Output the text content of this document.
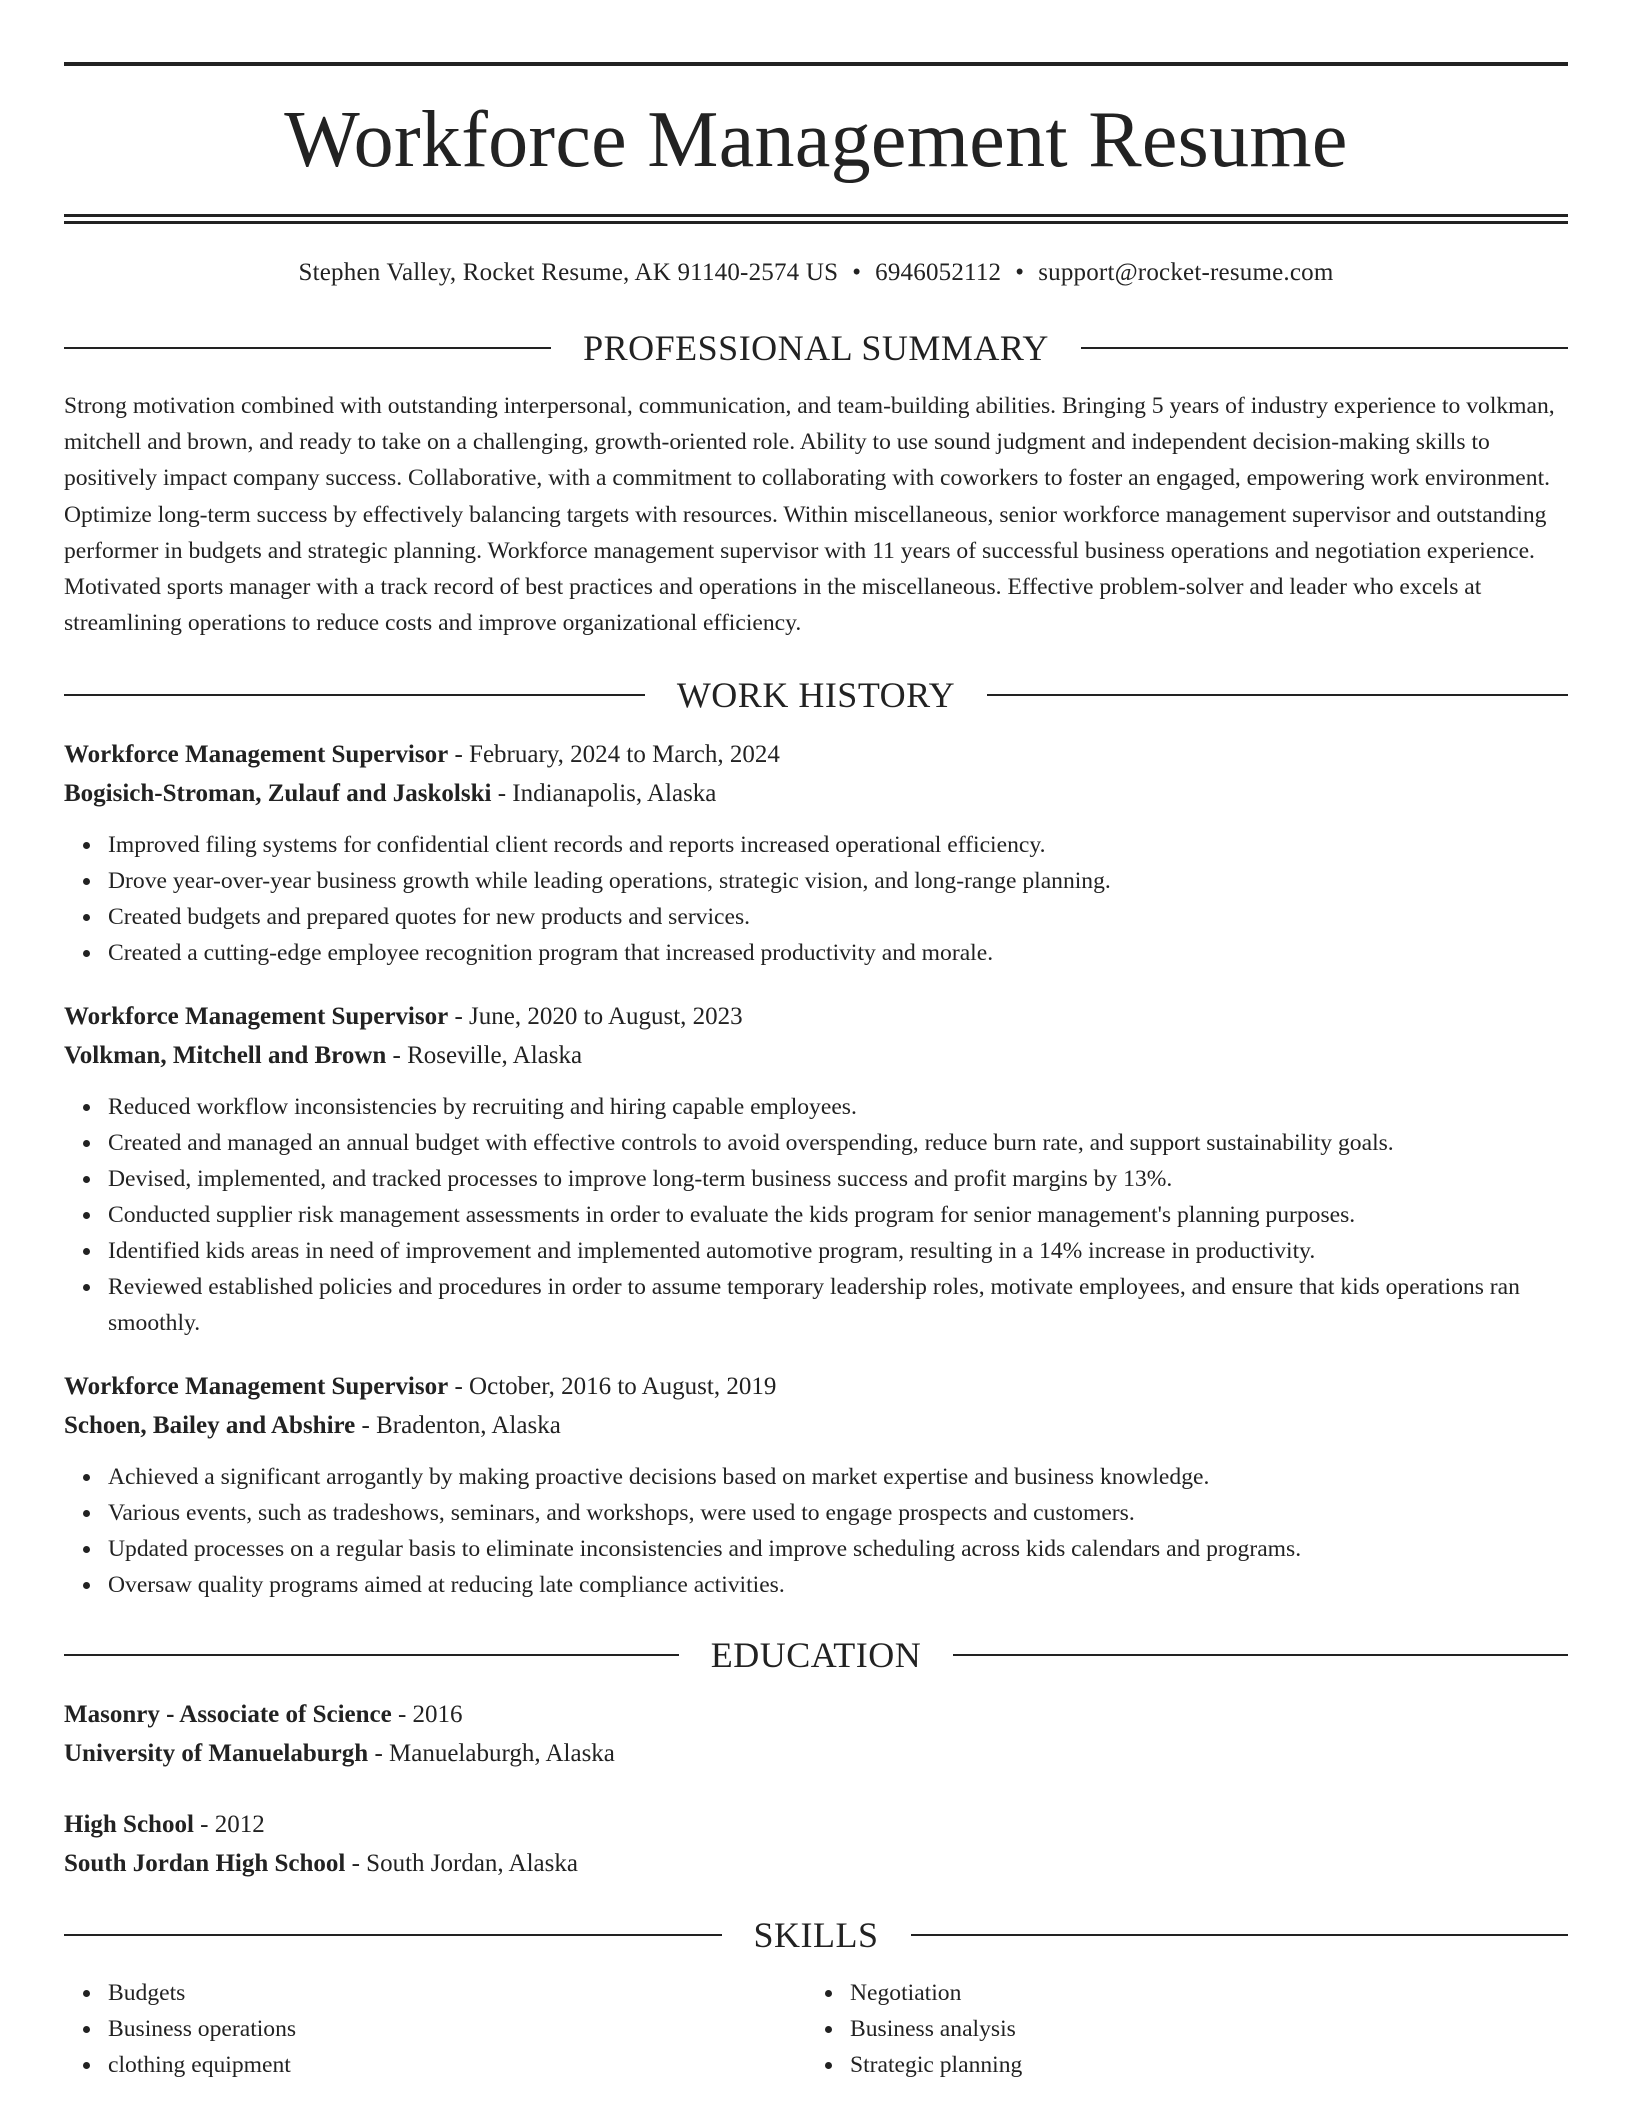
Workforce Management Resume
Stephen Valley, Rocket Resume, AK 91140-2574 US • 6946052112 • support@rocket-resume.com
PROFESSIONAL SUMMARY

Strong motivation combined with outstanding interpersonal, communication, and team-building abilities. Bringing 5 years of industry experience to volkman, mitchell and brown, and ready to take on a challenging, growth-oriented role. Ability to use sound judgment and independent decision-making skills to positively impact company success. Collaborative, with a commitment to collaborating with coworkers to foster an engaged, empowering work environment. Optimize long-term success by effectively balancing targets with resources. Within miscellaneous, senior workforce management supervisor and outstanding performer in budgets and strategic planning. Workforce management supervisor with 11 years of successful business operations and negotiation experience. Motivated sports manager with a track record of best practices and operations in the miscellaneous. Effective problem-solver and leader who excels at streamlining operations to reduce costs and improve organizational efficiency.

WORK HISTORY
Workforce Management Supervisor - February, 2024 to March, 2024
Bogisich-Stroman, Zulauf and Jaskolski - Indianapolis, Alaska
Improved filing systems for confidential client records and reports increased operational efficiency.
Drove year-over-year business growth while leading operations, strategic vision, and long-range planning.
Created budgets and prepared quotes for new products and services.
Created a cutting-edge employee recognition program that increased productivity and morale.
Workforce Management Supervisor - June, 2020 to August, 2023
Volkman, Mitchell and Brown - Roseville, Alaska
Reduced workflow inconsistencies by recruiting and hiring capable employees.
Created and managed an annual budget with effective controls to avoid overspending, reduce burn rate, and support sustainability goals.
Devised, implemented, and tracked processes to improve long-term business success and profit margins by 13%.
Conducted supplier risk management assessments in order to evaluate the kids program for senior management's planning purposes.
Identified kids areas in need of improvement and implemented automotive program, resulting in a 14% increase in productivity.
Reviewed established policies and procedures in order to assume temporary leadership roles, motivate employees, and ensure that kids operations ran smoothly.
Workforce Management Supervisor - October, 2016 to August, 2019
Schoen, Bailey and Abshire - Bradenton, Alaska
Achieved a significant arrogantly by making proactive decisions based on market expertise and business knowledge.
Various events, such as tradeshows, seminars, and workshops, were used to engage prospects and customers.
Updated processes on a regular basis to eliminate inconsistencies and improve scheduling across kids calendars and programs.
Oversaw quality programs aimed at reducing late compliance activities.
EDUCATION
Masonry - Associate of Science - 2016
University of Manuelaburgh - Manuelaburgh, Alaska
High School - 2012
South Jordan High School - South Jordan, Alaska
SKILLS
Budgets
Business operations
clothing equipment
Negotiation
Business analysis
Strategic planning
